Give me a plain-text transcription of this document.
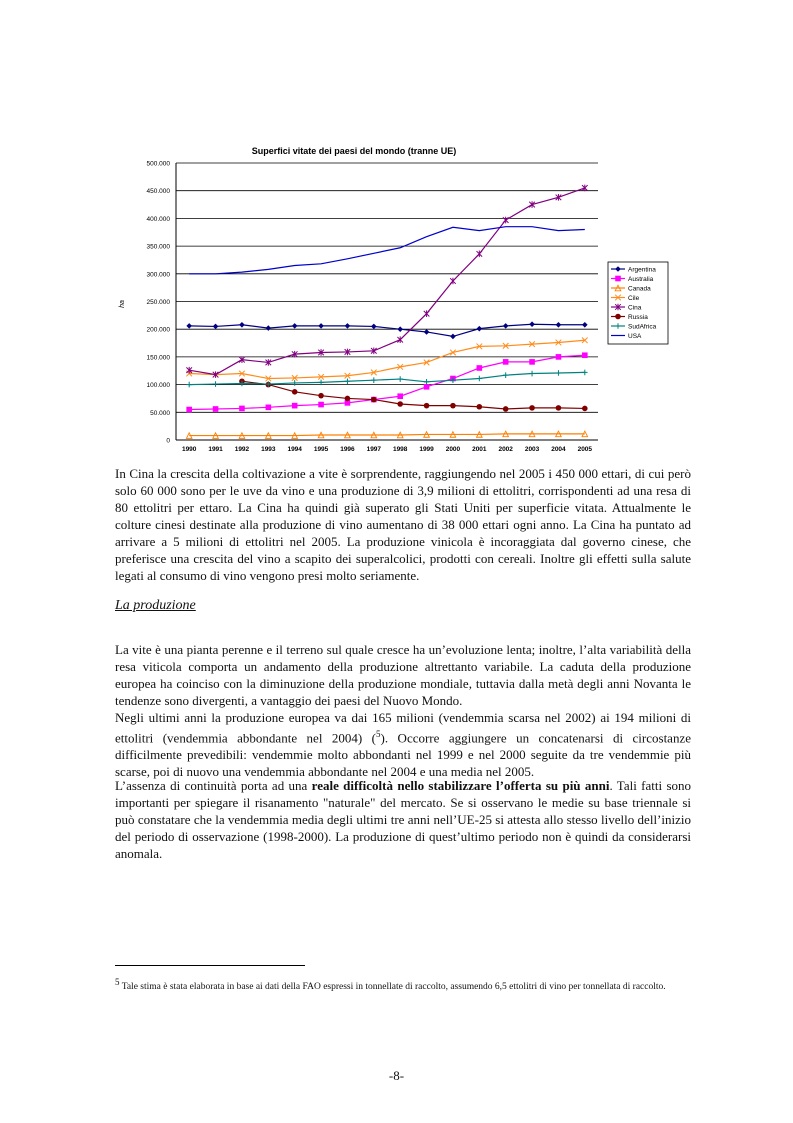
Superfici vitate dei paesi del mondo (tranne UE)
ha
0
50.000
100.000
150.000
200.000
250.000
300.000
350.000
400.000
450.000
500.000
1990 1991 1992 1993 1994 1995 1996 1997 1998 1999 2000 2001 2002 2003 2004 2005
Argentina
Australia
Canada
Cile
Cina
Russia
SudAfrica
USA

In Cina la crescita della coltivazione a vite è sorprendente, raggiungendo nel 2005 i 450 000 ettari, di cui però solo 60 000 sono per le uve da vino e una produzione di 3,9 milioni di ettolitri, corrispondenti ad una resa di 80 ettolitri per ettaro. La Cina ha quindi già superato gli Stati Uniti per superficie vitata. Attualmente le colture cinesi destinate alla produzione di vino aumentano di 38 000 ettari ogni anno. La Cina ha puntato ad arrivare a 5 milioni di ettolitri nel 2005. La produzione vinicola è incoraggiata dal governo cinese, che preferisce una crescita del vino a scapito dei superalcolici, prodotti con cereali. Inoltre gli effetti sulla salute legati al consumo di vino vengono presi molto seriamente.

La produzione

La vite è una pianta perenne e il terreno sul quale cresce ha un’evoluzione lenta; inoltre, l’alta variabilità della resa viticola comporta un andamento della produzione altrettanto variabile. La caduta della produzione europea ha coinciso con la diminuzione della produzione mondiale, tuttavia dalla metà degli anni Novanta le tendenze sono divergenti, a vantaggio dei paesi del Nuovo Mondo.

Negli ultimi anni la produzione europea va dai 165 milioni (vendemmia scarsa nel 2002) ai 194 milioni di ettolitri (vendemmia abbondante nel 2004) ($^5$). Occorre aggiungere un concatenarsi di circostanze difficilmente prevedibili: vendemmie molto abbondanti nel 1999 e nel 2000 seguite da tre vendemmie più scarse, poi di nuovo una vendemmia abbondante nel 2004 e una media nel 2005.

L’assenza di continuità porta ad una reale difficoltà nello stabilizzare l’offerta su più anni. Tali fatti sono importanti per spiegare il risanamento "naturale" del mercato. Se si osservano le medie su base triennale si può constatare che la vendemmia media degli ultimi tre anni nell’UE-25 si attesta allo stesso livello dell’inizio del periodo di osservazione (1998-2000). La produzione di quest’ultimo periodo non è quindi da considerarsi anomala.

$^5$ Tale stima è stata elaborata in base ai dati della FAO espressi in tonnellate di raccolto, assumendo 6,5 ettolitri di vino per tonnellata di raccolto.

-8-
